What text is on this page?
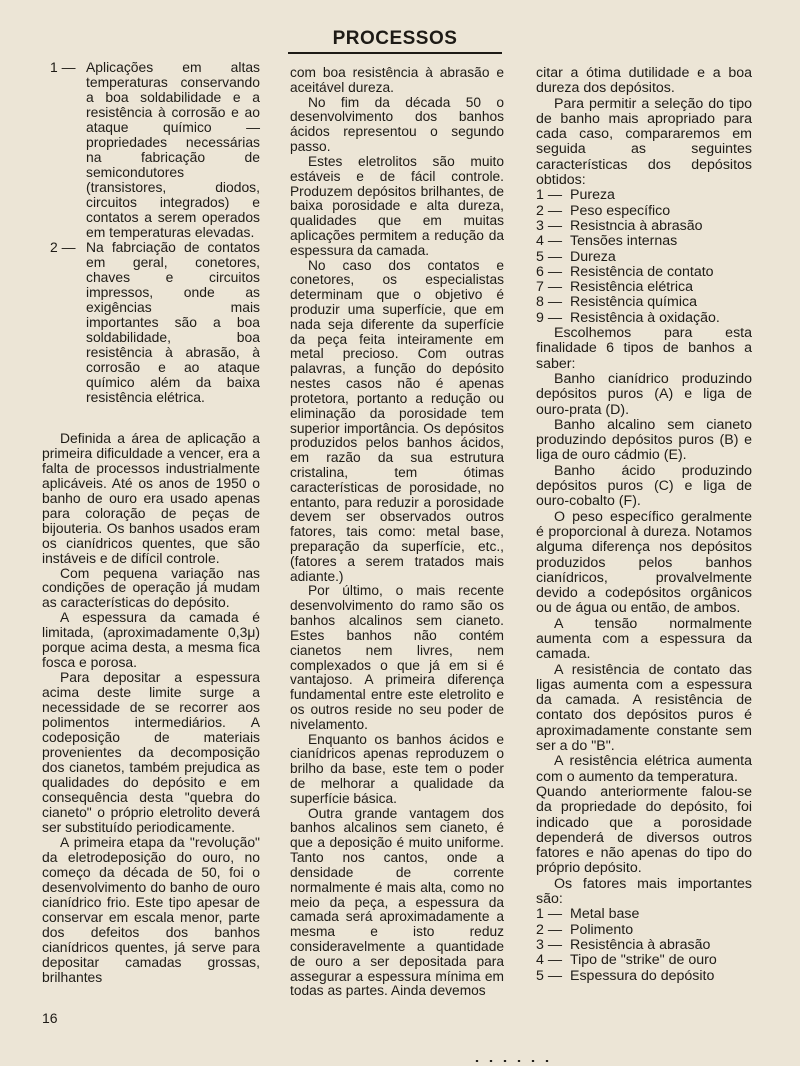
PROCESSOS
1 — Aplicações em altas temperaturas conservando a boa soldabilidade e a resistência à corrosão e ao ataque químico — propriedades necessárias na fabricação de semicondutores (transistores, diodos, circuitos integrados) e contatos a serem operados em temperaturas elevadas.
2 — Na fabrciação de contatos em geral, conetores, chaves e circuitos impressos, onde as exigências mais importantes são a boa soldabilidade, boa resistência à abrasão, à corrosão e ao ataque químico além da baixa resistência elétrica.

Definida a área de aplicação a primeira dificuldade a vencer, era a falta de processos industrialmente aplicáveis. Até os anos de 1950 o banho de ouro era usado apenas para coloração de peças de bijouteria. Os banhos usados eram os cianídricos quentes, que são instáveis e de difícil controle.

Com pequena variação nas condições de operação já mudam as características do depósito.

A espessura da camada é limitada, (aproximadamente 0,3μ) porque acima desta, a mesma fica fosca e porosa.

Para depositar a espessura acima deste limite surge a necessidade de se recorrer aos polimentos intermediários. A codeposição de materiais provenientes da decomposição dos cianetos, também prejudica as qualidades do depósito e em consequência desta "quebra do cianeto" o próprio eletrolito deverá ser substituído periodicamente.

A primeira etapa da "revolução" da eletrodeposição do ouro, no começo da década de 50, foi o desenvolvimento do banho de ouro cianídrico frio. Este tipo apesar de conservar em escala menor, parte dos defeitos dos banhos cianídricos quentes, já serve para depositar camadas grossas, brilhantes

com boa resistência à abrasão e aceitável dureza.

No fim da década 50 o desenvolvimento dos banhos ácidos representou o segundo passo.

Estes eletrolitos são muito estáveis e de fácil controle. Produzem depósitos brilhantes, de baixa porosidade e alta dureza, qualidades que em muitas aplicações permitem a redução da espessura da camada.

No caso dos contatos e conetores, os especialistas determinam que o objetivo é produzir uma superfície, que em nada seja diferente da superfície da peça feita inteiramente em metal precioso. Com outras palavras, a função do depósito nestes casos não é apenas protetora, portanto a redução ou eliminação da porosidade tem superior importância. Os depósitos produzidos pelos banhos ácidos, em razão da sua estrutura cristalina, tem ótimas características de porosidade, no entanto, para reduzir a porosidade devem ser observados outros fatores, tais como: metal base, preparação da superfície, etc., (fatores a serem tratados mais adiante.)

Por último, o mais recente desenvolvimento do ramo são os banhos alcalinos sem cianeto. Estes banhos não contém cianetos nem livres, nem complexados o que já em si é vantajoso. A primeira diferença fundamental entre este eletrolito e os outros reside no seu poder de nivelamento.

Enquanto os banhos ácidos e cianídricos apenas reproduzem o brilho da base, este tem o poder de melhorar a qualidade da superfície básica.

Outra grande vantagem dos banhos alcalinos sem cianeto, é que a deposição é muito uniforme. Tanto nos cantos, onde a densidade de corrente normalmente é mais alta, como no meio da peça, a espessura da camada será aproximadamente a mesma e isto reduz consideravelmente a quantidade de ouro a ser depositada para assegurar a espessura mínima em todas as partes. Ainda devemos

citar a ótima dutilidade e a boa dureza dos depósitos.

Para permitir a seleção do tipo de banho mais apropriado para cada caso, compararemos em seguida as seguintes características dos depósitos obtidos:

1 — Pureza
2 — Peso específico
3 — Resistncia à abrasão
4 — Tensões internas
5 — Dureza
6 — Resistência de contato
7 — Resistência elétrica
8 — Resistência química
9 — Resistência à oxidação.

Escolhemos para esta finalidade 6 tipos de banhos a saber:

Banho cianídrico produzindo depósitos puros (A) e liga de ouro-prata (D).

Banho alcalino sem cianeto produzindo depósitos puros (B) e liga de ouro cádmio (E).

Banho ácido produzindo depósitos puros (C) e liga de ouro-cobalto (F).

O peso específico geralmente é proporcional à dureza. Notamos alguma diferença nos depósitos produzidos pelos banhos cianídricos, provalvelmente devido a codepósitos orgânicos ou de água ou então, de ambos.

A tensão normalmente aumenta com a espessura da camada.

A resistência de contato das ligas aumenta com a espessura da camada. A resistência de contato dos depósitos puros é aproximadamente constante sem ser a do "B".

A resistência elétrica aumenta com o aumento da temperatura.

Quando anteriormente falou-se da propriedade do depósito, foi indicado que a porosidade dependerá de diversos outros fatores e não apenas do tipo do próprio depósito.

Os fatores mais importantes são:

1 — Metal base
2 — Polimento
3 — Resistência à abrasão
4 — Tipo de "strike" de ouro
5 — Espessura do depósito
16
